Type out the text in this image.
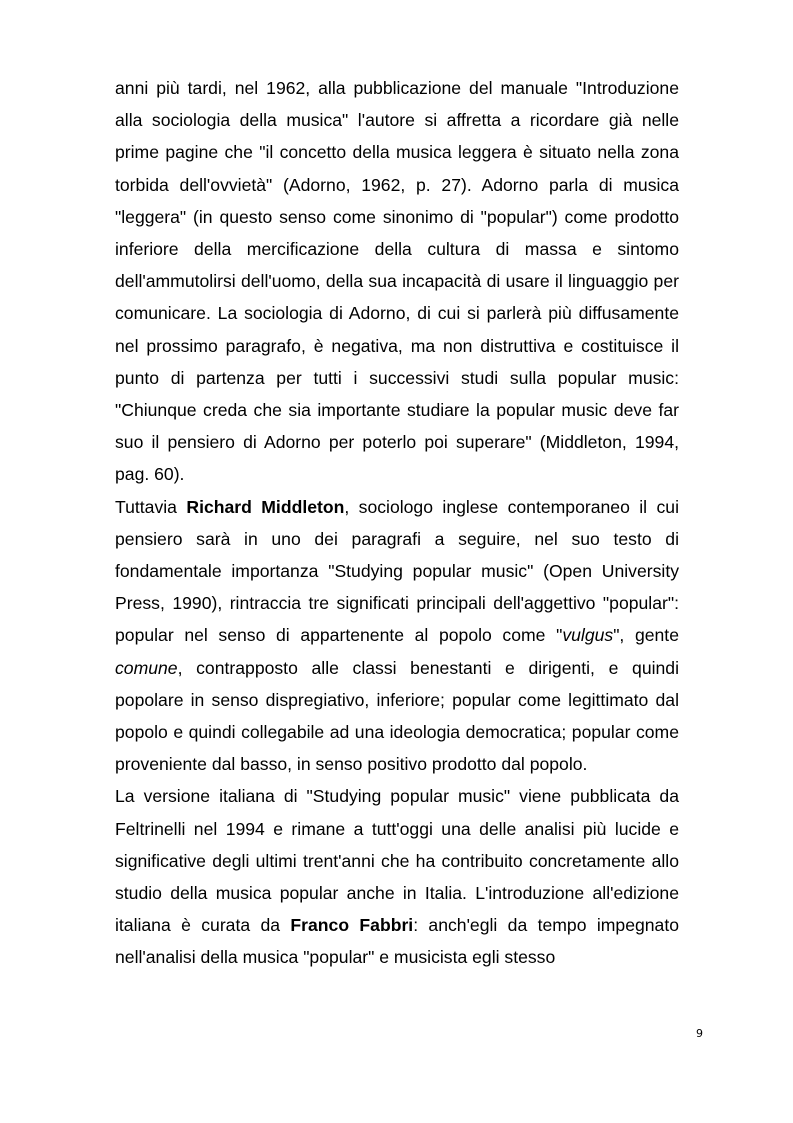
anni più tardi, nel 1962, alla pubblicazione del manuale "Introduzione alla sociologia della musica" l'autore si affretta a ricordare già nelle prime pagine che "il concetto della musica leggera è situato nella zona torbida dell'ovvietà" (Adorno, 1962, p. 27). Adorno parla di musica "leggera" (in questo senso come sinonimo di "popular") come prodotto inferiore della mercificazione della cultura di massa e sintomo dell'ammutolirsi dell'uomo, della sua incapacità di usare il linguaggio per comunicare. La sociologia di Adorno, di cui si parlerà più diffusamente nel prossimo paragrafo, è negativa, ma non distruttiva e costituisce il punto di partenza per tutti i successivi studi sulla popular music: "Chiunque creda che sia importante studiare la popular music deve far suo il pensiero di Adorno per poterlo poi superare" (Middleton, 1994, pag. 60).

Tuttavia Richard Middleton, sociologo inglese contemporaneo il cui pensiero sarà in uno dei paragrafi a seguire, nel suo testo di fondamentale importanza "Studying popular music" (Open University Press, 1990), rintraccia tre significati principali dell'aggettivo "popular": popular nel senso di appartenente al popolo come "vulgus", gente comune, contrapposto alle classi benestanti e dirigenti, e quindi popolare in senso dispregiativo, inferiore; popular come legittimato dal popolo e quindi collegabile ad una ideologia democratica; popular come proveniente dal basso, in senso positivo prodotto dal popolo.

La versione italiana di "Studying popular music" viene pubblicata da Feltrinelli nel 1994 e rimane a tutt'oggi una delle analisi più lucide e significative degli ultimi trent'anni che ha contribuito concretamente allo studio della musica popular anche in Italia. L'introduzione all'edizione italiana è curata da Franco Fabbri: anch'egli da tempo impegnato nell'analisi della musica "popular" e musicista egli stesso

9
